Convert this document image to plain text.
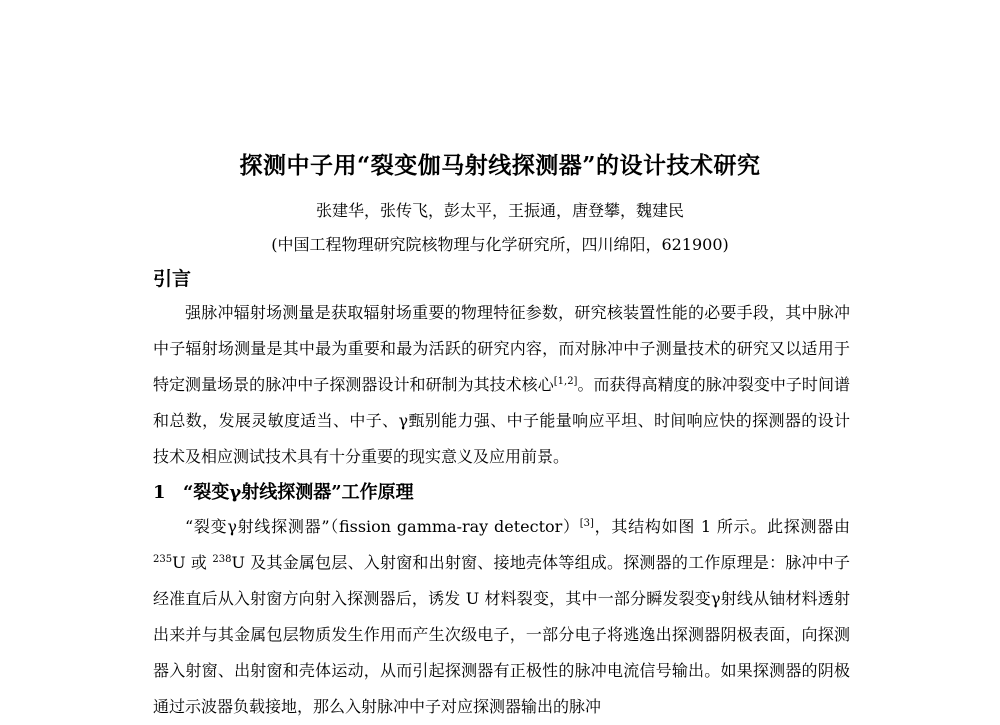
探测中子用“裂变伽马射线探测器”的设计技术研究
张建华，张传飞，彭太平，王振通，唐登攀，魏建民
(中国工程物理研究院核物理与化学研究所，四川绵阳，621900)
引言

强脉冲辐射场测量是获取辐射场重要的物理特征参数，研究核装置性能的必要手段，其中脉冲中子辐射场测量是其中最为重要和最为活跃的研究内容，而对脉冲中子测量技术的研究又以适用于特定测量场景的脉冲中子探测器设计和研制为其技术核心[1,2]。而获得高精度的脉冲裂变中子时间谱和总数，发展灵敏度适当、中子、γ甄别能力强、中子能量响应平坦、时间响应快的探测器的设计技术及相应测试技术具有十分重要的现实意义及应用前景。

1 “裂变γ射线探测器”工作原理

“裂变γ射线探测器”（fission gamma-ray detector）[3]，其结构如图 1 所示。此探测器由$^{235}$U 或 $^{238}$U 及其金属包层、入射窗和出射窗、接地壳体等组成。探测器的工作原理是：脉冲中子经准直后从入射窗方向射入探测器后，诱发 U 材料裂变，其中一部分瞬发裂变γ射线从铀材料透射出来并与其金属包层物质发生作用而产生次级电子，一部分电子将逃逸出探测器阴极表面，向探测器入射窗、出射窗和壳体运动，从而引起探测器有正极性的脉冲电流信号输出。如果探测器的阴极通过示波器负载接地，那么入射脉冲中子对应探测器输出的脉冲
